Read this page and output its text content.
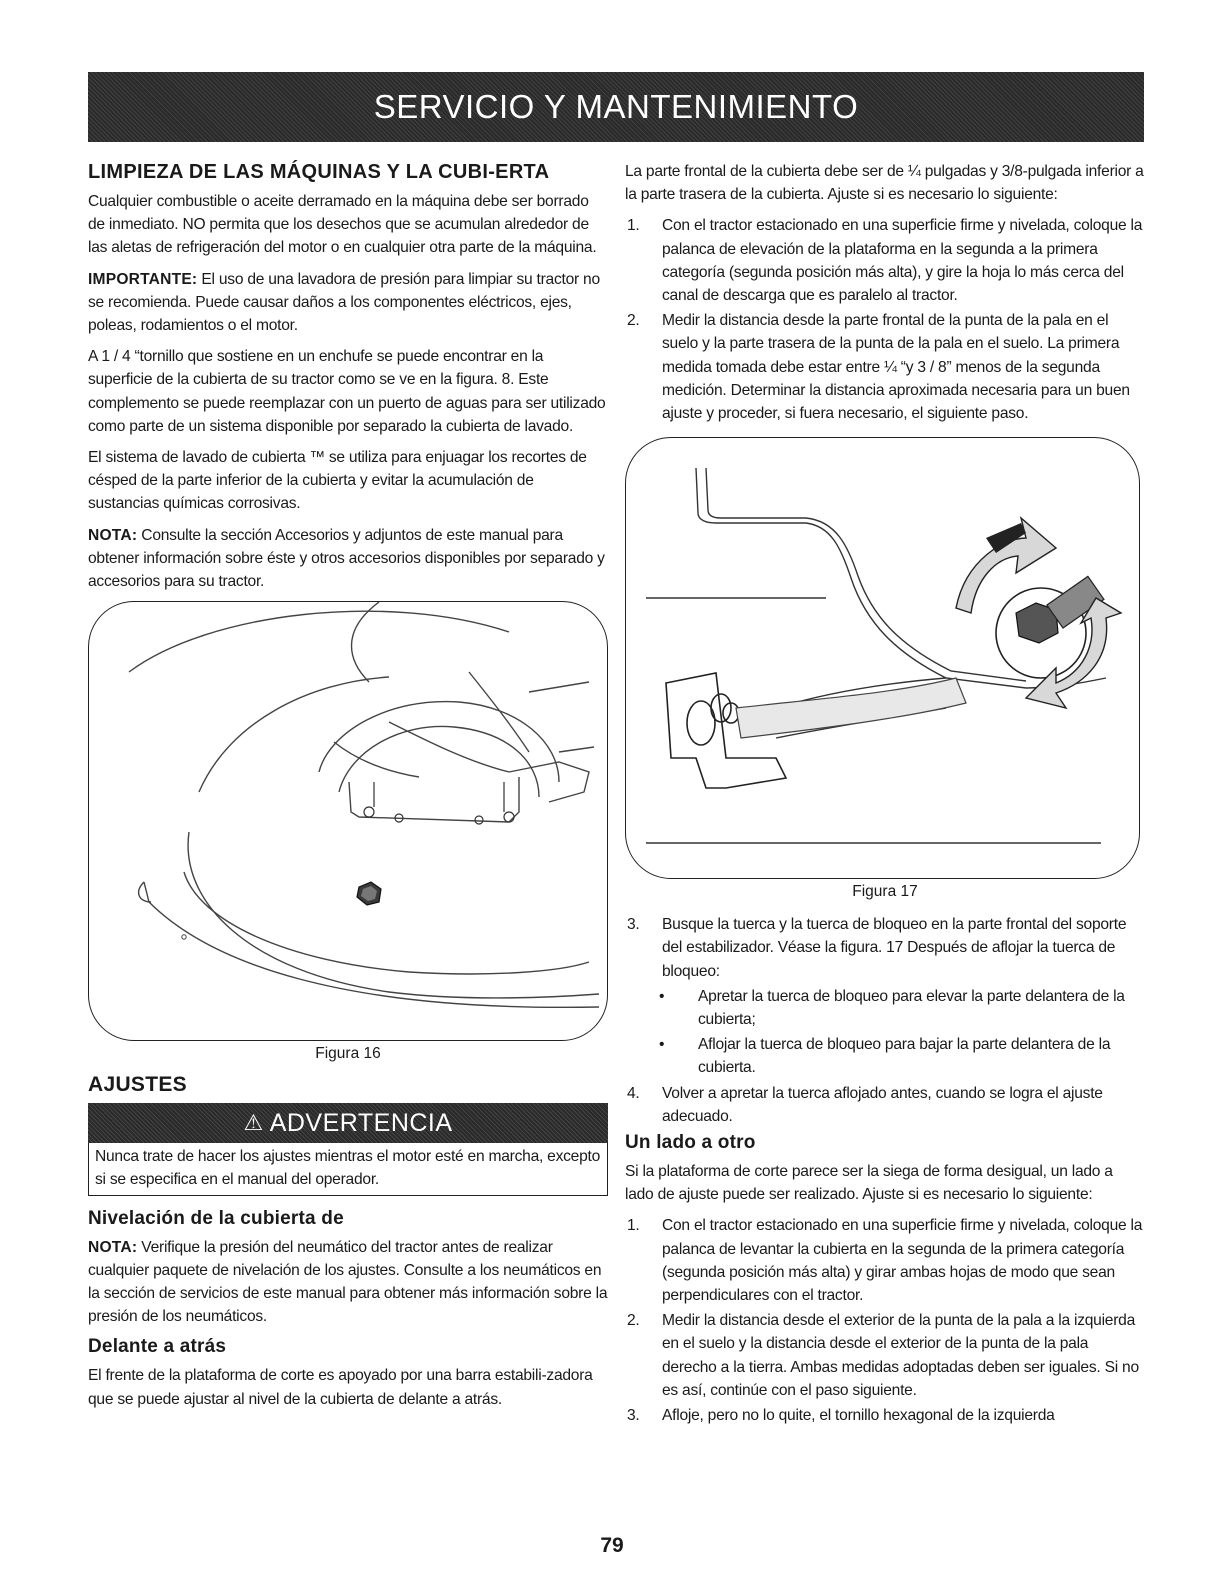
SERVICIO Y MANTENIMIENTO
LIMPIEZA DE LAS MÁQUINAS Y LA CUBI-ERTA

Cualquier combustible o aceite derramado en la máquina debe ser borrado de inmediato. NO permita que los desechos que se acumulan alrededor de las aletas de refrigeración del motor o en cualquier otra parte de la máquina.

IMPORTANTE: El uso de una lavadora de presión para limpiar su tractor no se recomienda. Puede causar daños a los componentes eléctricos, ejes, poleas, rodamientos o el motor.

A 1 / 4 “tornillo que sostiene en un enchufe se puede encontrar en la superficie de la cubierta de su tractor como se ve en la figura. 8. Este complemento se puede reemplazar con un puerto de aguas para ser utilizado como parte de un sistema disponible por separado la cubierta de lavado.

El sistema de lavado de cubierta ™ se utiliza para enjuagar los recortes de césped de la parte inferior de la cubierta y evitar la acumulación de sustancias químicas corrosivas.

NOTA: Consulte la sección Accesorios y adjuntos de este manual para obtener información sobre éste y otros accesorios disponibles por separado y accesorios para su tractor.

Figura 16
AJUSTES
⚠ ADVERTENCIA

Nunca trate de hacer los ajustes mientras el motor esté en marcha, excepto si se especifica en el manual del operador.

Nivelación de la cubierta de

NOTA: Verifique la presión del neumático del tractor antes de realizar cualquier paquete de nivelación de los ajustes. Consulte a los neumáticos en la sección de servicios de este manual para obtener más información sobre la presión de los neumáticos.

Delante a atrás

El frente de la plataforma de corte es apoyado por una barra estabili-zadora que se puede ajustar al nivel de la cubierta de delante a atrás.

La parte frontal de la cubierta debe ser de ¼ pulgadas y 3/8-pulgada inferior a la parte trasera de la cubierta. Ajuste si es necesario lo siguiente:

1. Con el tractor estacionado en una superficie firme y nivelada, coloque la palanca de elevación de la plataforma en la segunda a la primera categoría (segunda posición más alta), y gire la hoja lo más cerca del canal de descarga que es paralelo al tractor.
2. Medir la distancia desde la parte frontal de la punta de la pala en el suelo y la parte trasera de la punta de la pala en el suelo. La primera medida tomada debe estar entre ¼ “y 3 / 8” menos de la segunda medición. Determinar la distancia aproximada necesaria para un buen ajuste y proceder, si fuera necesario, el siguiente paso.
Figura 17
3. Busque la tuerca y la tuerca de bloqueo en la parte frontal del soporte del estabilizador. Véase la figura. 17 Después de aflojar la tuerca de bloqueo:
• Apretar la tuerca de bloqueo para elevar la parte delantera de la cubierta;
• Aflojar la tuerca de bloqueo para bajar la parte delantera de la cubierta.
4. Volver a apretar la tuerca aflojado antes, cuando se logra el ajuste adecuado.
Un lado a otro

Si la plataforma de corte parece ser la siega de forma desigual, un lado a lado de ajuste puede ser realizado. Ajuste si es necesario lo siguiente:

1. Con el tractor estacionado en una superficie firme y nivelada, coloque la palanca de levantar la cubierta en la segunda de la primera categoría (segunda posición más alta) y girar ambas hojas de modo que sean perpendiculares con el tractor.
2. Medir la distancia desde el exterior de la punta de la pala a la izquierda en el suelo y la distancia desde el exterior de la punta de la pala derecho a la tierra. Ambas medidas adoptadas deben ser iguales. Si no es así, continúe con el paso siguiente.
3. Afloje, pero no lo quite, el tornillo hexagonal de la izquierda
79
